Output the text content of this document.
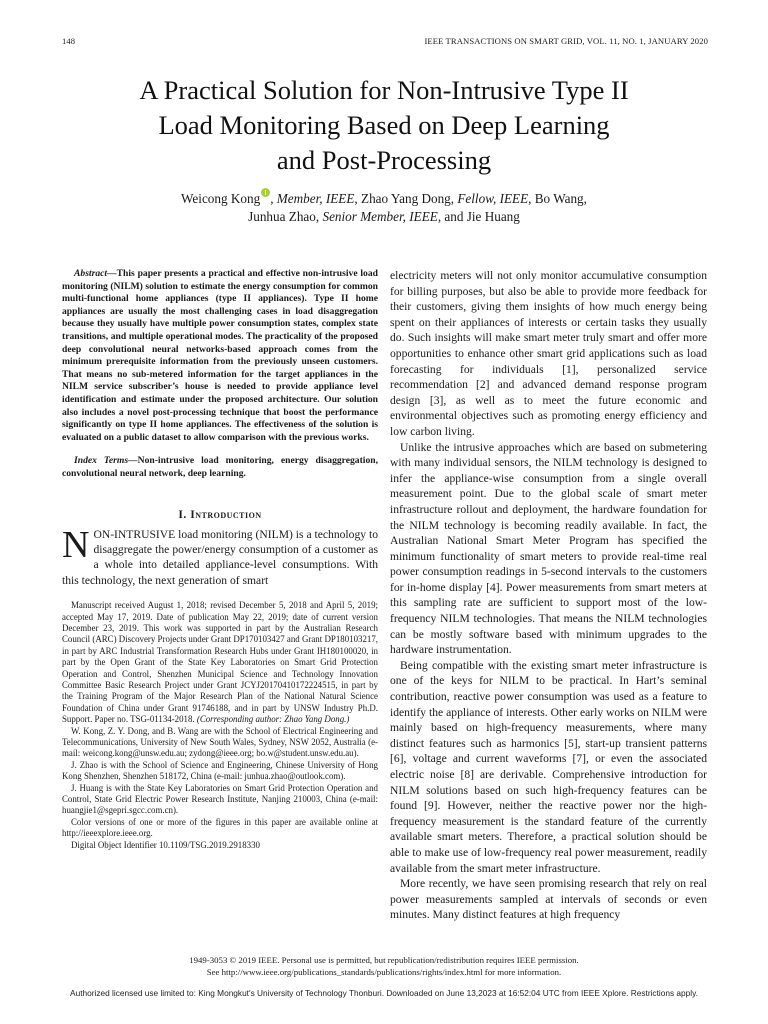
148	IEEE TRANSACTIONS ON SMART GRID, VOL. 11, NO. 1, JANUARY 2020
A Practical Solution for Non-Intrusive Type II
Load Monitoring Based on Deep Learning
and Post-Processing
Weicong Kong , Member, IEEE, Zhao Yang Dong, Fellow, IEEE, Bo Wang,
Junhua Zhao, Senior Member, IEEE, and Jie Huang

Abstract—This paper presents a practical and effective non-intrusive load monitoring (NILM) solution to estimate the energy consumption for common multi-functional home appliances (type II appliances). Type II home appliances are usually the most challenging cases in load disaggregation because they usually have multiple power consumption states, complex state transitions, and multiple operational modes. The practicality of the proposed deep convolutional neural networks-based approach comes from the minimum prerequisite information from the previously unseen customers. That means no sub-metered information for the target appliances in the NILM service subscriber’s house is needed to provide appliance level identification and estimate under the proposed architecture. Our solution also includes a novel post-processing technique that boost the performance significantly on type II home appliances. The effectiveness of the solution is evaluated on a public dataset to allow comparison with the previous works.

Index Terms—Non-intrusive load monitoring, energy disaggregation, convolutional neural network, deep learning.

I. Introduction

NON-INTRUSIVE load monitoring (NILM) is a technology to disaggregate the power/energy consumption of a customer as a whole into detailed appliance-level consumptions. With this technology, the next generation of smart

Manuscript received August 1, 2018; revised December 5, 2018 and April 5, 2019; accepted May 17, 2019. Date of publication May 22, 2019; date of current version December 23, 2019. This work was supported in part by the Australian Research Council (ARC) Discovery Projects under Grant DP170103427 and Grant DP180103217, in part by ARC Industrial Transformation Research Hubs under Grant IH180100020, in part by the Open Grant of the State Key Laboratories on Smart Grid Protection Operation and Control, Shenzhen Municipal Science and Technology Innovation Committee Basic Research Project under Grant JCYJ20170410172224515, in part by the Training Program of the Major Research Plan of the National Natural Science Foundation of China under Grant 91746188, and in part by UNSW Industry Ph.D. Support. Paper no. TSG-01134-2018. (Corresponding author: Zhao Yang Dong.)

W. Kong, Z. Y. Dong, and B. Wang are with the School of Electrical Engineering and Telecommunications, University of New South Wales, Sydney, NSW 2052, Australia (e-mail: weicong.kong@unsw.edu.au; zydong@ieee.org; bo.w@student.unsw.edu.au).

J. Zhao is with the School of Science and Engineering, Chinese University of Hong Kong Shenzhen, Shenzhen 518172, China (e-mail: junhua.zhao@outlook.com).

J. Huang is with the State Key Laboratories on Smart Grid Protection Operation and Control, State Grid Electric Power Research Institute, Nanjing 210003, China (e-mail: huangjie1@sgepri.sgcc.com.cn).

Color versions of one or more of the figures in this paper are available online at http://ieeexplore.ieee.org.

Digital Object Identifier 10.1109/TSG.2019.2918330

electricity meters will not only monitor accumulative consumption for billing purposes, but also be able to provide more feedback for their customers, giving them insights of how much energy being spent on their appliances of interests or certain tasks they usually do. Such insights will make smart meter truly smart and offer more opportunities to enhance other smart grid applications such as load forecasting for individuals [1], personalized service recommendation [2] and advanced demand response program design [3], as well as to meet the future economic and environmental objectives such as promoting energy efficiency and low carbon living.

Unlike the intrusive approaches which are based on submetering with many individual sensors, the NILM technology is designed to infer the appliance-wise consumption from a single overall measurement point. Due to the global scale of smart meter infrastructure rollout and deployment, the hardware foundation for the NILM technology is becoming readily available. In fact, the Australian National Smart Meter Program has specified the minimum functionality of smart meters to provide real-time real power consumption readings in 5-second intervals to the customers for in-home display [4]. Power measurements from smart meters at this sampling rate are sufficient to support most of the low-frequency NILM technologies. That means the NILM technologies can be mostly software based with minimum upgrades to the hardware instrumentation.

Being compatible with the existing smart meter infrastructure is one of the keys for NILM to be practical. In Hart’s seminal contribution, reactive power consumption was used as a feature to identify the appliance of interests. Other early works on NILM were mainly based on high-frequency measurements, where many distinct features such as harmonics [5], start-up transient patterns [6], voltage and current waveforms [7], or even the associated electric noise [8] are derivable. Comprehensive introduction for NILM solutions based on such high-frequency features can be found [9]. However, neither the reactive power nor the high-frequency measurement is the standard feature of the currently available smart meters. Therefore, a practical solution should be able to make use of low-frequency real power measurement, readily available from the smart meter infrastructure.

More recently, we have seen promising research that rely on real power measurements sampled at intervals of seconds or even minutes. Many distinct features at high frequency

1949-3053 © 2019 IEEE. Personal use is permitted, but republication/redistribution requires IEEE permission.
See http://www.ieee.org/publications_standards/publications/rights/index.html for more information.
Authorized licensed use limited to: King Mongkut's University of Technology Thonburi. Downloaded on June 13,2023 at 16:52:04 UTC from IEEE Xplore. Restrictions apply.
